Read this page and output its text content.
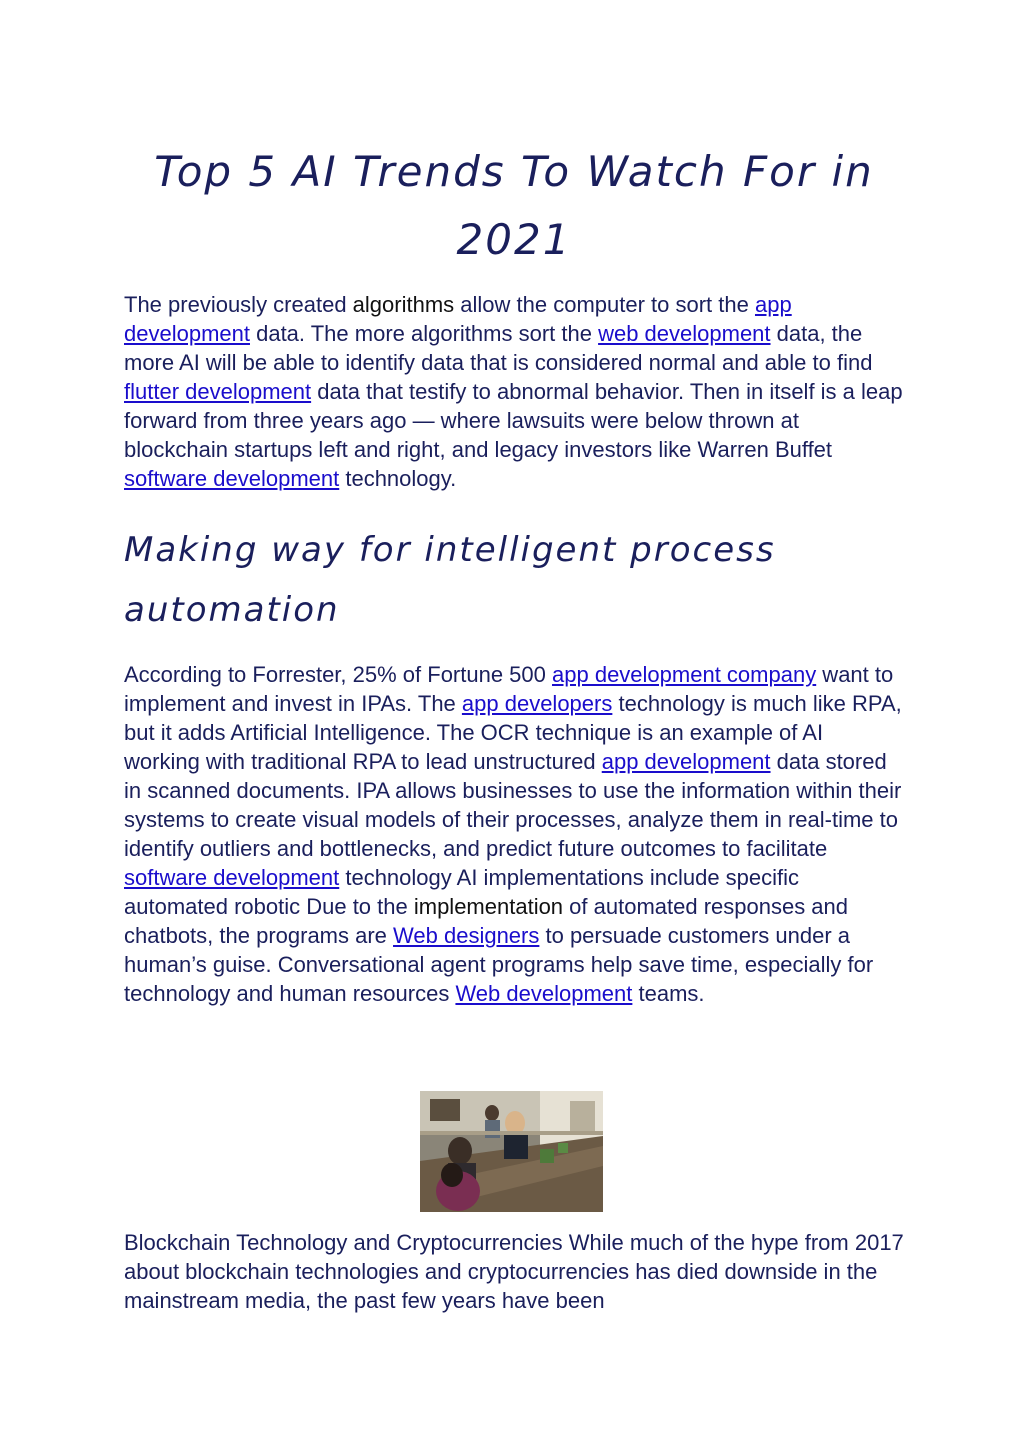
Top 5 AI Trends To Watch For in 2021

The previously created algorithms allow the computer to sort the app development data. The more algorithms sort the web development data, the more AI will be able to identify data that is considered normal and able to find flutter development data that testify to abnormal behavior. Then in itself is a leap forward from three years ago — where lawsuits were below thrown at blockchain startups left and right, and legacy investors like Warren Buffet software development technology.

Making way for intelligent process automation

According to Forrester, 25% of Fortune 500 app development company want to implement and invest in IPAs. The app developers technology is much like RPA, but it adds Artificial Intelligence. The OCR technique is an example of AI working with traditional RPA to lead unstructured app development data stored in scanned documents. IPA allows businesses to use the information within their systems to create visual models of their processes, analyze them in real-time to identify outliers and bottlenecks, and predict future outcomes to facilitate software development technology AI implementations include specific automated robotic Due to the implementation of automated responses and chatbots, the programs are Web designers to persuade customers under a human’s guise. Conversational agent programs help save time, especially for technology and human resources Web development teams.

Blockchain Technology and Cryptocurrencies While much of the hype from 2017 about blockchain technologies and cryptocurrencies has died downside in the mainstream media, the past few years have been
